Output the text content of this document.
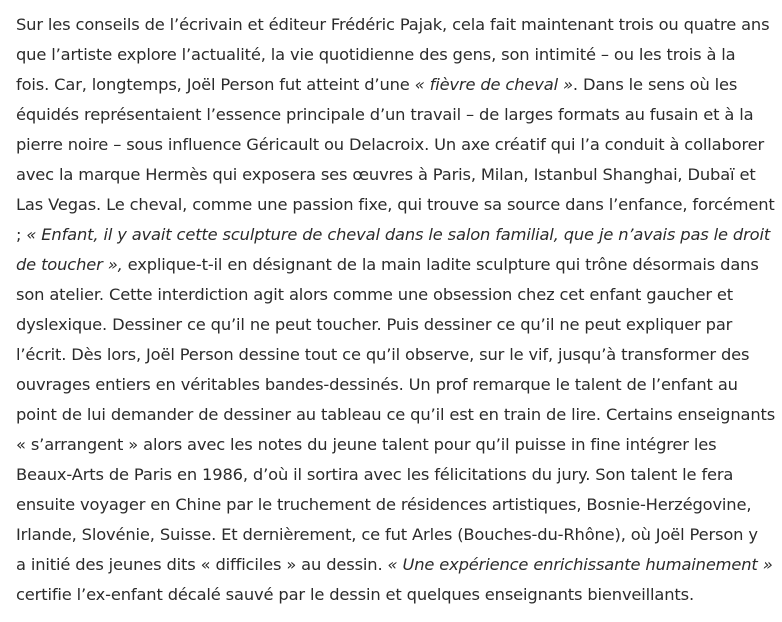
Sur les conseils de l’écrivain et éditeur Frédéric Pajak, cela fait maintenant trois ou quatre ans
que l’artiste explore l’actualité, la vie quotidienne des gens, son intimité – ou les trois à la
fois. Car, longtemps, Joël Person fut atteint d’une « fièvre de cheval ». Dans le sens où les
équidés représentaient l’essence principale d’un travail – de larges formats au fusain et à la
pierre noire – sous influence Géricault ou Delacroix. Un axe créatif qui l’a conduit à collaborer
avec la marque Hermès qui exposera ses œuvres à Paris, Milan, Istanbul Shanghai, Dubaï et
Las Vegas. Le cheval, comme une passion fixe, qui trouve sa source dans l’enfance, forcément
; « Enfant, il y avait cette sculpture de cheval dans le salon familial, que je n’avais pas le droit
de toucher », explique-t-il en désignant de la main ladite sculpture qui trône désormais dans
son atelier. Cette interdiction agit alors comme une obsession chez cet enfant gaucher et
dyslexique. Dessiner ce qu’il ne peut toucher. Puis dessiner ce qu’il ne peut expliquer par
l’écrit. Dès lors, Joël Person dessine tout ce qu’il observe, sur le vif, jusqu’à transformer des
ouvrages entiers en véritables bandes-dessinés. Un prof remarque le talent de l’enfant au
point de lui demander de dessiner au tableau ce qu’il est en train de lire. Certains enseignants
« s’arrangent » alors avec les notes du jeune talent pour qu’il puisse in fine intégrer les
Beaux-Arts de Paris en 1986, d’où il sortira avec les félicitations du jury. Son talent le fera
ensuite voyager en Chine par le truchement de résidences artistiques, Bosnie-Herzégovine,
Irlande, Slovénie, Suisse. Et dernièrement, ce fut Arles (Bouches-du-Rhône), où Joël Person y
a initié des jeunes dits « difficiles » au dessin. « Une expérience enrichissante humainement »
certifie l’ex-enfant décalé sauvé par le dessin et quelques enseignants bienveillants.
